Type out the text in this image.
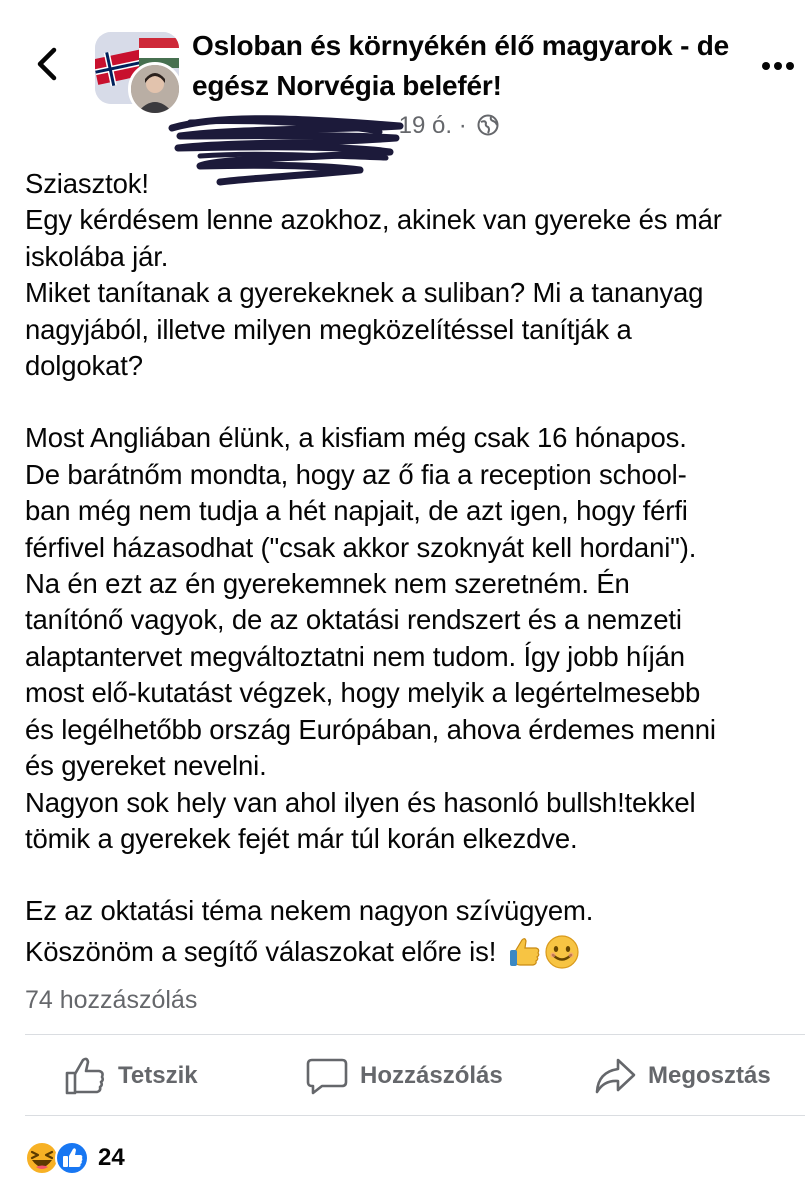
Osloban és környékén élő magyarok - de egész Norvégia belefér!
19 ó. ·

Sziasztok!

Egy kérdésem lenne azokhoz, akinek van gyereke és már

iskolába jár.

Miket tanítanak a gyerekeknek a suliban? Mi a tananyag

nagyjából, illetve milyen megközelítéssel tanítják a

dolgokat?

Most Angliában élünk, a kisfiam még csak 16 hónapos.

De barátnőm mondta, hogy az ő fia a reception school-

ban még nem tudja a hét napjait, de azt igen, hogy férfi

férfivel házasodhat ("csak akkor szoknyát kell hordani").

Na én ezt az én gyerekemnek nem szeretném. Én

tanítónő vagyok, de az oktatási rendszert és a nemzeti

alaptantervet megváltoztatni nem tudom. Így jobb híján

most elő-kutatást végzek, hogy melyik a legértelmesebb

és legélhetőbb ország Európában, ahova érdemes menni

és gyereket nevelni.

Nagyon sok hely van ahol ilyen és hasonló bullsh!tekkel

tömik a gyerekek fejét már túl korán elkezdve.

Ez az oktatási téma nekem nagyon szívügyem.

Köszönöm a segítő válaszokat előre is!

74 hozzászólás
Tetszik	Hozzászólás	Megosztás
24
